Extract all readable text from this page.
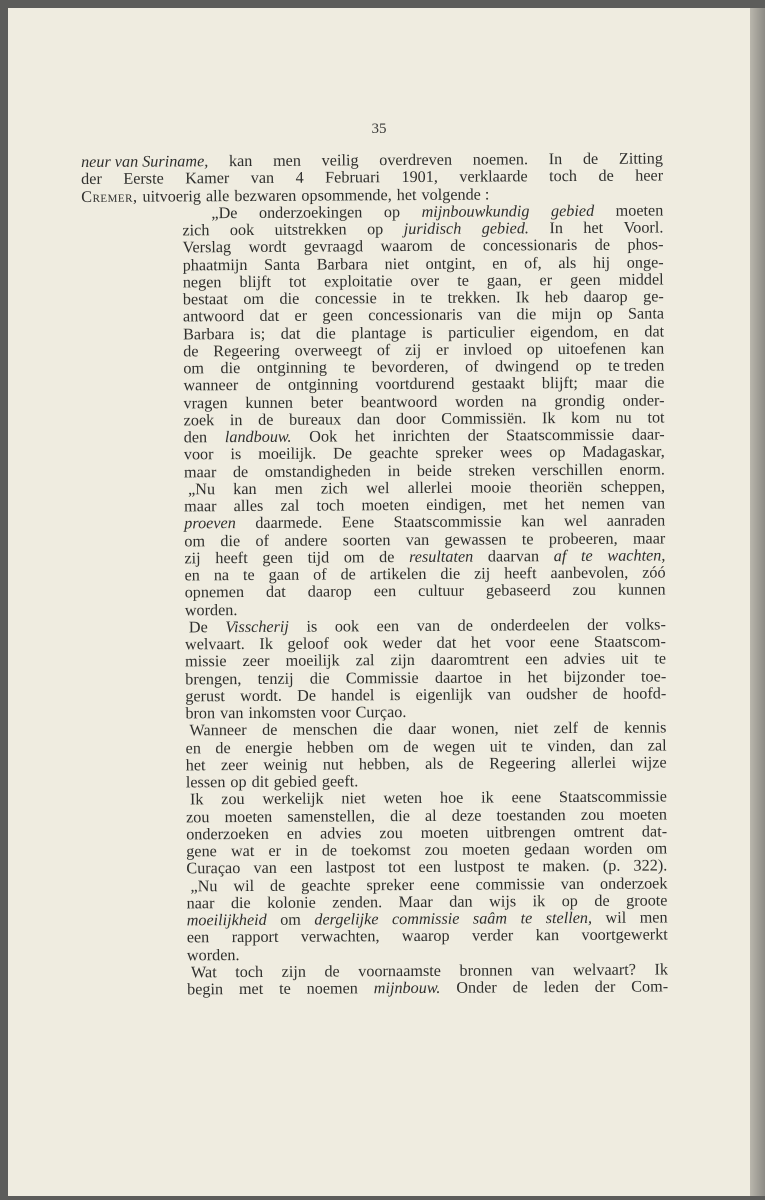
35
neur van Suriname, kan men veilig overdreven noemen. In de Zitting
der Eerste Kamer van 4 Februari 1901, verklaarde toch de heer
Cremer, uitvoerig alle bezwaren opsommende, het volgende :
„De onderzoekingen op mijnbouwkundig gebied moeten
zich ook uitstrekken op juridisch gebied. In het Voorl.
Verslag wordt gevraagd waarom de concessionaris de phos-
phaatmijn Santa Barbara niet ontgint, en of, als hij onge-
negen blijft tot exploitatie over te gaan, er geen middel
bestaat om die concessie in te trekken. Ik heb daarop ge-
antwoord dat er geen concessionaris van die mijn op Santa
Barbara is; dat die plantage is particulier eigendom, en dat
de Regeering overweegt of zij er invloed op uitoefenen kan
om die ontginning te bevorderen, of dwingend op te treden
wanneer de ontginning voortdurend gestaakt blijft; maar die
vragen kunnen beter beantwoord worden na grondig onder-
zoek in de bureaux dan door Commissiën. Ik kom nu tot
den landbouw. Ook het inrichten der Staatscommissie daar-
voor is moeilijk. De geachte spreker wees op Madagaskar,
maar de omstandigheden in beide streken verschillen enorm.
„Nu kan men zich wel allerlei mooie theoriën scheppen,
maar alles zal toch moeten eindigen, met het nemen van
proeven daarmede. Eene Staatscommissie kan wel aanraden
om die of andere soorten van gewassen te probeeren, maar
zij heeft geen tijd om de resultaten daarvan af te wachten,
en na te gaan of de artikelen die zij heeft aanbevolen, zóó
opnemen dat daarop een cultuur gebaseerd zou kunnen
worden.
De Visscherij is ook een van de onderdeelen der volks-
welvaart. Ik geloof ook weder dat het voor eene Staatscom-
missie zeer moeilijk zal zijn daaromtrent een advies uit te
brengen, tenzij die Commissie daartoe in het bijzonder toe-
gerust wordt. De handel is eigenlijk van oudsher de hoofd-
bron van inkomsten voor Curçao.
Wanneer de menschen die daar wonen, niet zelf de kennis
en de energie hebben om de wegen uit te vinden, dan zal
het zeer weinig nut hebben, als de Regeering allerlei wijze
lessen op dit gebied geeft.
Ik zou werkelijk niet weten hoe ik eene Staatscommissie
zou moeten samenstellen, die al deze toestanden zou moeten
onderzoeken en advies zou moeten uitbrengen omtrent dat-
gene wat er in de toekomst zou moeten gedaan worden om
Curaçao van een lastpost tot een lustpost te maken. (p. 322).
„Nu wil de geachte spreker eene commissie van onderzoek
naar die kolonie zenden. Maar dan wijs ik op de groote
moeilijkheid om dergelijke commissie saâm te stellen, wil men
een rapport verwachten, waarop verder kan voortgewerkt
worden.
Wat toch zijn de voornaamste bronnen van welvaart? Ik
begin met te noemen mijnbouw. Onder de leden der Com-
